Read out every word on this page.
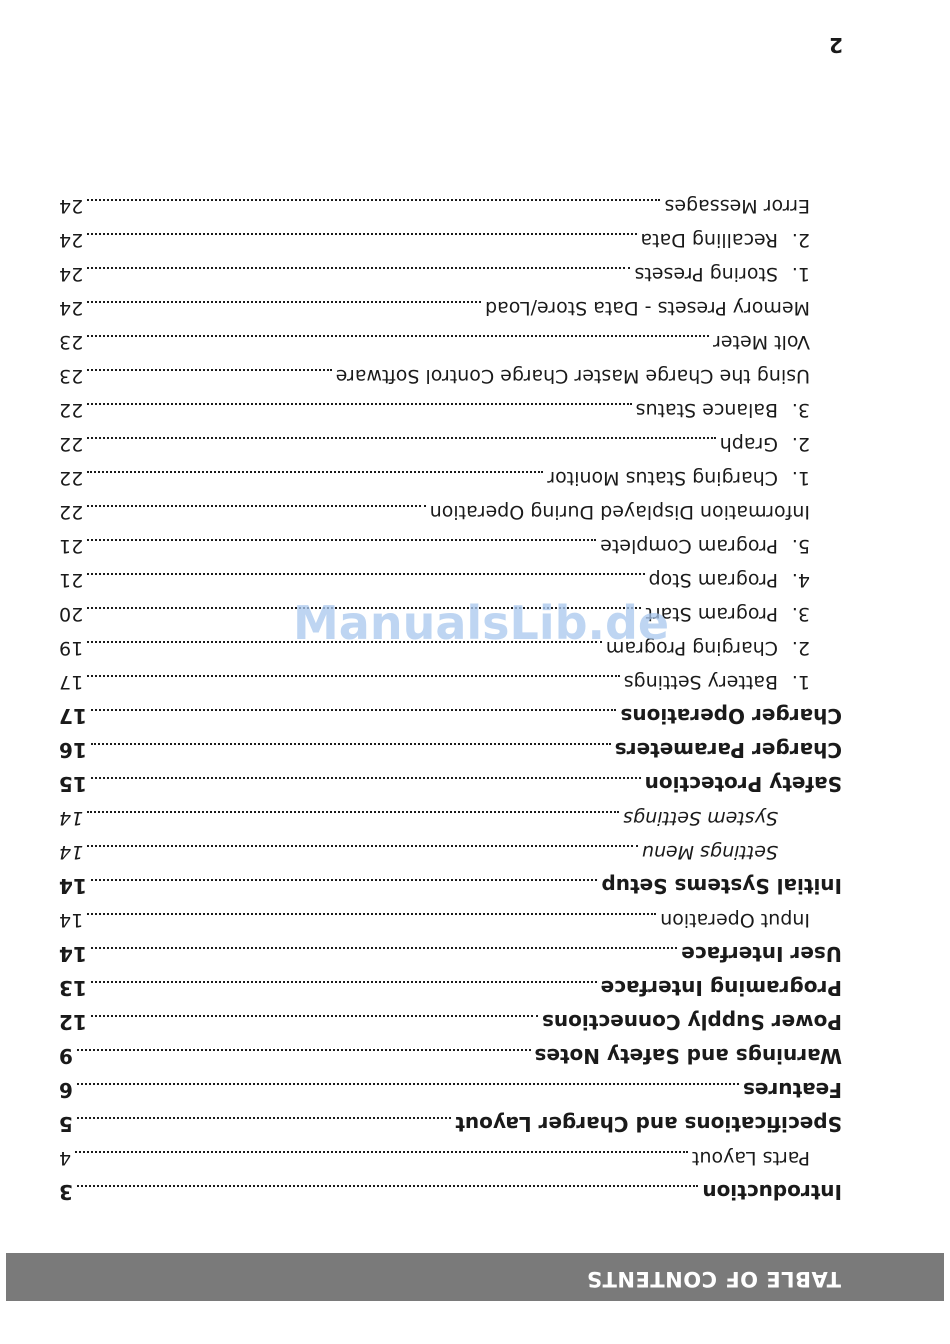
TABLE OF CONTENTS
Introduction
3
Parts Layout
4
Specifications and Charger Layout
5
Features
6
Warnings and Safety Notes
9
Power Supply Connections
12
Programing Interface
13
User Interface
14
Input Operation
14
Initial Systems Setup
14
Settings Menu
14
System Settings
14
Safety Protection
15
Charger Parameters
16
Charger Operations
17
1.Battery Settings
17
2.Charging Program
19
3.Program Start
20
4.Program Stop
21
5.Program Complete
21
Information Displayed During Operation
22
1.Charging Status Monitor
22
2.Graph
22
3.Balance Status
22
Using the Charge Master Charge Control Software
23
Volt Meter
23
Memory Presets - Data Store/Load
24
1.Storing Presets
24
2.Recalling Data
24
Error Messages
24
2
ManualsLib.de
